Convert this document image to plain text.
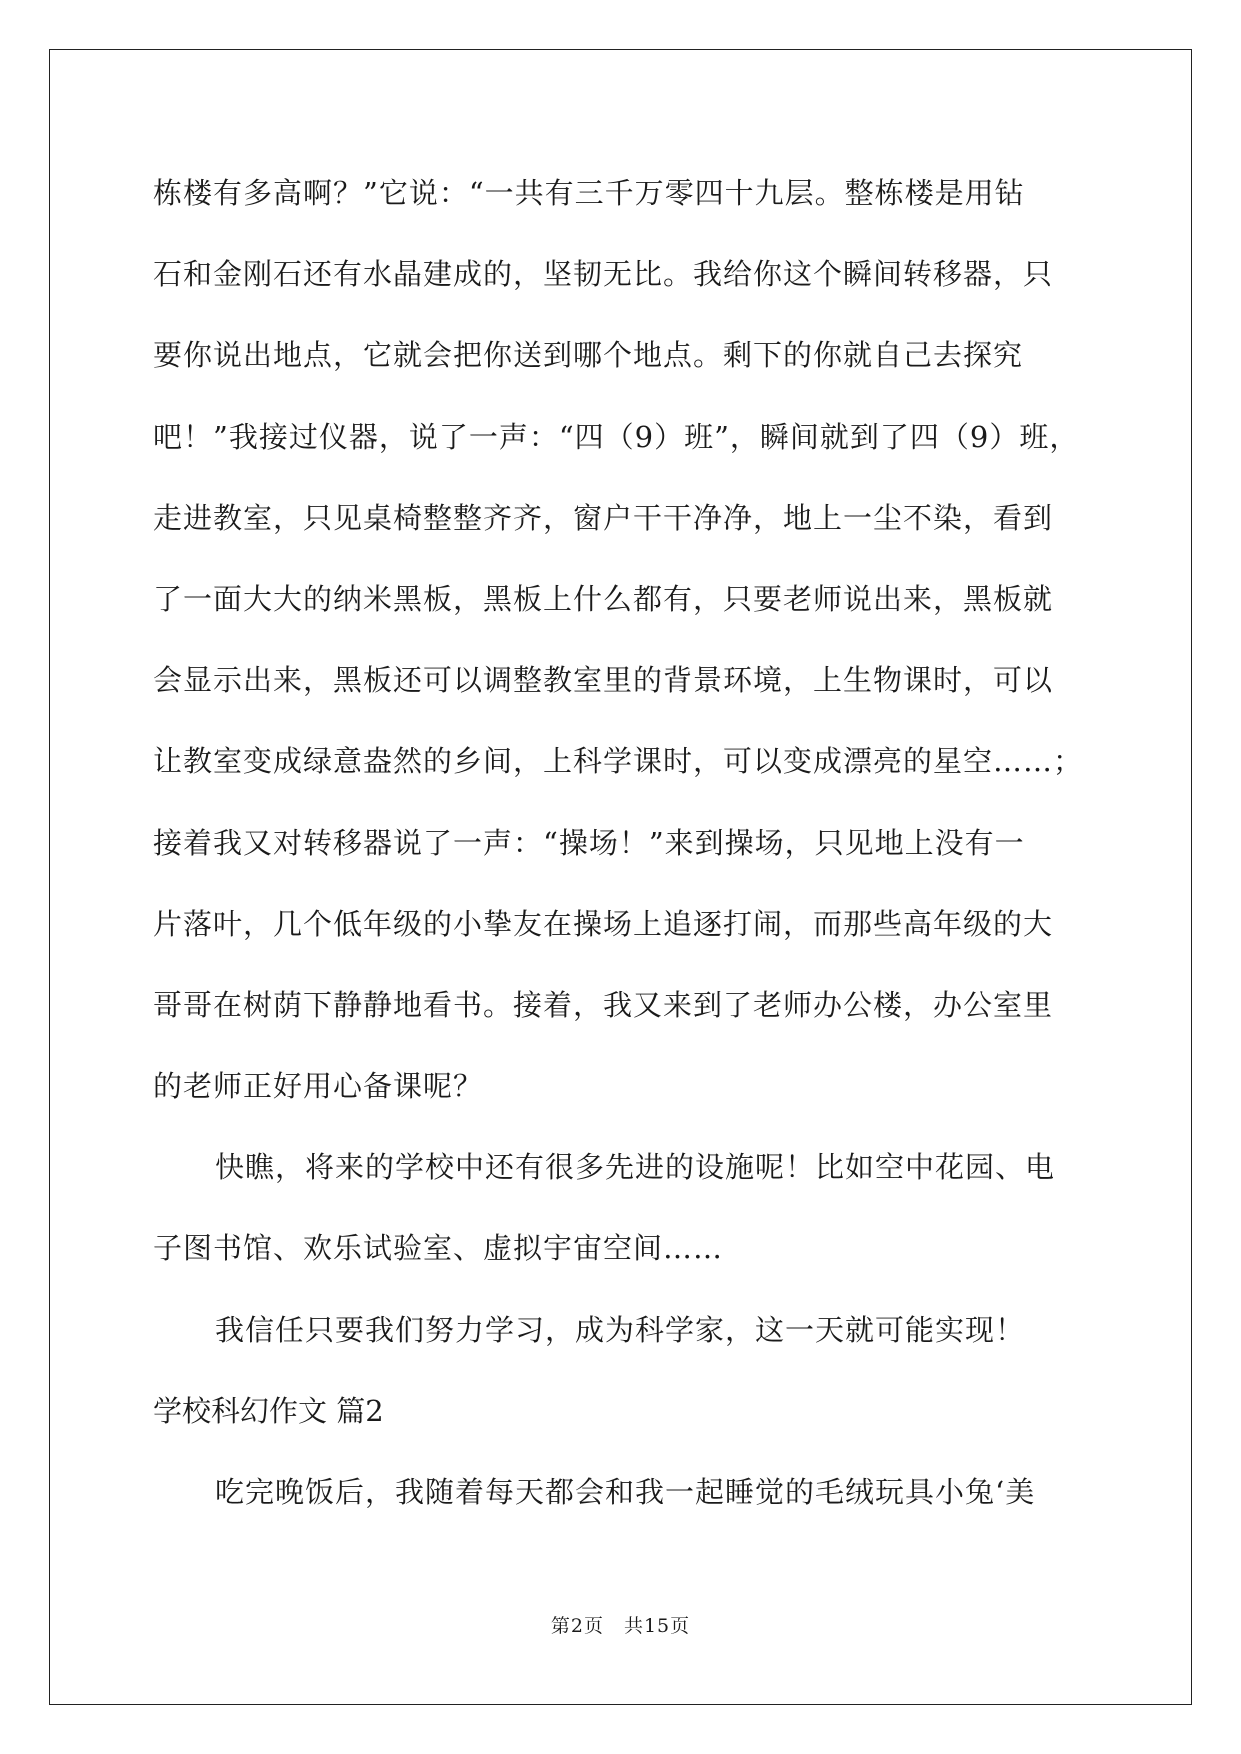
栋楼有多高啊？”它说：“一共有三千万零四十九层。整栋楼是用钻
石和金刚石还有水晶建成的，坚韧无比。我给你这个瞬间转移器，只
要你说出地点，它就会把你送到哪个地点。剩下的你就自己去探究
吧！”我接过仪器，说了一声：“四（9）班”，瞬间就到了四（9）班，
走进教室，只见桌椅整整齐齐，窗户干干净净，地上一尘不染，看到
了一面大大的纳米黑板，黑板上什么都有，只要老师说出来，黑板就
会显示出来，黑板还可以调整教室里的背景环境，上生物课时，可以
让教室变成绿意盎然的乡间，上科学课时，可以变成漂亮的星空……；
接着我又对转移器说了一声：“操场！”来到操场，只见地上没有一
片落叶，几个低年级的小挚友在操场上追逐打闹，而那些高年级的大
哥哥在树荫下静静地看书。接着，我又来到了老师办公楼，办公室里
的老师正好用心备课呢？
快瞧，将来的学校中还有很多先进的设施呢！比如空中花园、电
子图书馆、欢乐试验室、虚拟宇宙空间……
我信任只要我们努力学习，成为科学家，这一天就可能实现！
学校科幻作文 篇2
吃完晚饭后，我随着每天都会和我一起睡觉的毛绒玩具小兔‘美
第2页　共15页
